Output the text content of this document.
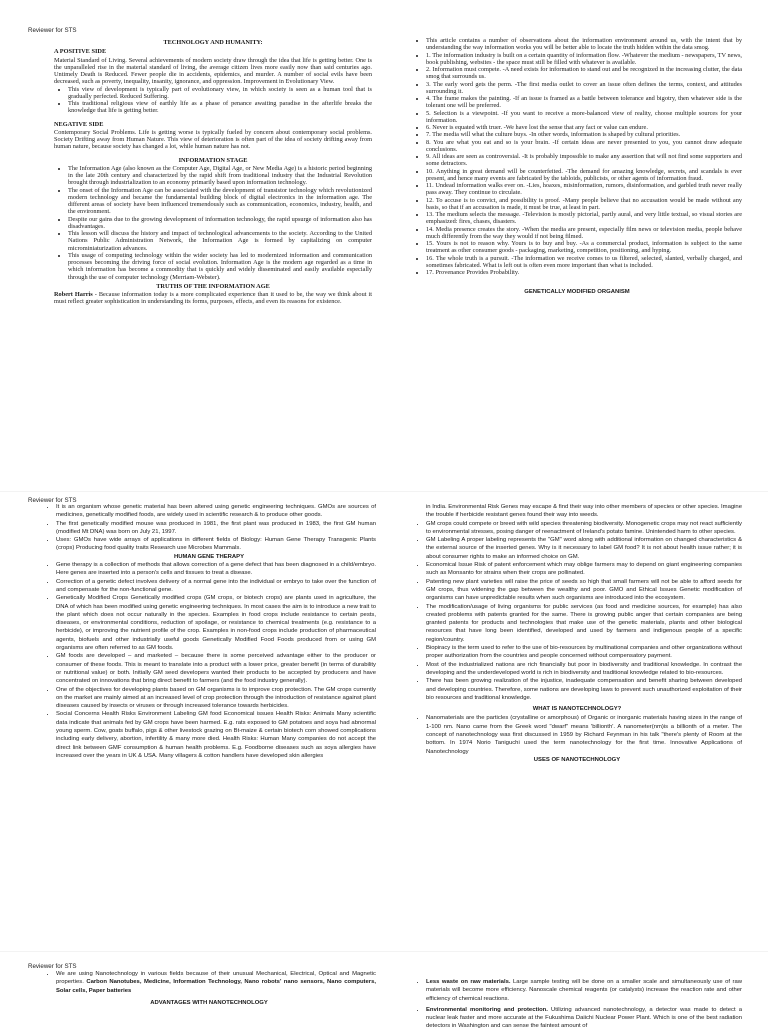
Reviewer for STS

TECHNOLOGY AND HUMANITY:

A POSITIVE SIDE

Material Standard of Living. Several achievements of modern society draw through the idea that life is getting better. One is the unparalleled rise in the material standard of living, the average citizen lives more easily now than said centuries ago. Untimely Death is Reduced. Fewer people die in accidents, epidemics, and murder. A number of social evils have been decreased, such as poverty, inequality, insanity, ignorance, and oppression. Improvement in Evolutionary View.

• This view of development is typically part of evolutionary view, in which society is seen as a human tool that is gradually perfected. Reduced Suffering.
• This traditional religious view of earthly life as a phase of penance awaiting paradise in the afterlife breaks the knowledge that life is getting better.

NEGATIVE SIDE

Contemporary Social Problems. Life is getting worse is typically fueled by concern about contemporary social problems. Society Drifting away from Human Nature. This view of deterioration is often part of the idea of society drifting away from human nature, because society has changed a lot, while human nature has not.

INFORMATION STAGE

• The Information Age (also known as the Computer Age, Digital Age, or New Media Age) is a historic period beginning in the late 20th century and characterized by the rapid shift from traditional industry that the Industrial Revolution brought through industrialization to an economy primarily based upon information technology.
• The onset of the Information Age can be associated with the development of transistor technology which revolutionized modern technology and became the fundamental building block of digital electronics in the information age. The different areas of society have been influenced tremendously such as communication, economics, industry, health, and the environment.
• Despite our gains due to the growing development of information technology, the rapid upsurge of information also has disadvantages.
• This lesson will discuss the history and impact of technological advancements to the society. According to the United Nations Public Administration Network, the Information Age is formed by capitalizing on computer microminiaturization advances.
• This usage of computing technology within the wider society has led to modernized information and communication processes becoming the driving force of social evolution. Information Age is the modern age regarded as a time in which information has become a commodity that is quickly and widely disseminated and easily available especially through the use of computer technology (Merriam-Webster).

TRUTHS OF THE INFORMATION AGE

Robert Harris - Because information today is a more complicated experience than it used to be, the way we think about it must reflect greater sophistication in understanding its forms, purposes, effects, and even its reasons for existence.

• This article contains a number of observations about the information environment around us, with the intent that by understanding the way information works you will be better able to locate the truth hidden within the data smog.
• 1. The information industry is built on a certain quantity of information flow. -Whatever the medium - newspapers, TV news, book publishing, websites - the space must still be filled with whatever is available.
• 2. Information must compete. -A need exists for information to stand out and be recognized in the increasing clutter, the data smog that surrounds us.
• 3. The early word gets the perm. -The first media outlet to cover an issue often defines the terms, context, and attitudes surrounding it.
• 4. The frame makes the painting. -If an issue is framed as a battle between tolerance and bigotry, then whatever side is the tolerant one will be preferred.
• 5. Selection is a viewpoint. -If you want to receive a more-balanced view of reality, choose multiple sources for your information.
• 6. Never is equated with truer. -We have lost the sense that any fact or value can endure.
• 7. The media will what the culture buys. -In other words, information is shaped by cultural priorities.
• 8. You are what you eat and so is your brain. -If certain ideas are never presented to you, you cannot draw adequate conclusions.
• 9. All ideas are seen as controversial. -It is probably impossible to make any assertion that will not find some supporters and some detractors.
• 10. Anything in great demand will be counterfeited. -The demand for amazing knowledge, secrets, and scandals is ever present, and hence many events are fabricated by the tabloids, publicists, or other agents of information fraud.
• 11. Undead information walks ever on. -Lies, hoaxes, misinformation, rumors, disinformation, and garbled truth never really pass away. They continue to circulate.
• 12. To accuse is to convict, and possibility is proof. -Many people believe that no accusation would be made without any basis, so that if an accusation is made, it must be true, at least in part.
• 13. The medium selects the message. -Television is mostly pictorial, partly aural, and very little textual, so visual stories are emphasized: fires, chases, disasters.
• 14. Media presence creates the story. -When the media are present, especially film news or television media, people behave much differently from the way they would if not being filmed.
• 15. Yours is not to reason why. Yours is to buy and buy. -As a commercial product, information is subject to the same treatment as other consumer goods - packaging, marketing, competition, positioning, and hyping.
• 16. The whole truth is a pursuit. -The information we receive comes to us filtered, selected, slanted, verbally charged, and sometimes fabricated. What is left out is often even more important than what is included.
• 17. Provenance Provides Probability.

GENETICALLY MODIFIED ORGANISM

Reviewer for STS
• It is an organism whose genetic material has been altered using genetic engineering techniques. GMOs are sources of medicines, genetically modified foods, are widely used in scientific research & to produce other goods.
• The first genetically modified mouse was produced in 1981, the first plant was produced in 1983, the first GM human (modified Mt DNA) was born on July 21, 1997.
• Uses: GMOs have wide arrays of applications in different fields of Biology: Human Gene Therapy Transgenic Plants (crops) Producing food quality traits Research use Microbes Mammals.

HUMAN GENE THERAPY

• Gene therapy is a collection of methods that allows correction of a gene defect that has been diagnosed in a child/embryo. Here genes are inserted into a person's cells and tissues to treat a disease.
• Correction of a genetic defect involves delivery of a normal gene into the individual or embryo to take over the function of and compensate for the non-functional gene.
• Genetically Modified Crops Genetically modified crops (GM crops, or biotech crops) are plants used in agriculture, the DNA of which has been modified using genetic engineering techniques. In most cases the aim is to introduce a new trait to the plant which does not occur naturally in the species. Examples in food crops include resistance to certain pests, diseases, or environmental conditions, reduction of spoilage, or resistance to chemical treatments (e.g. resistance to a herbicide), or improving the nutrient profile of the crop. Examples in non-food crops include production of pharmaceutical agents, biofuels and other industrially useful goods Genetically Modified Food Foods produced from or using GM organisms are often referred to as GM foods.
• GM foods are developed – and marketed – because there is some perceived advantage either to the producer or consumer of these foods. This is meant to translate into a product with a lower price, greater benefit (in terms of durability or nutritional value) or both. Initially GM seed developers wanted their products to be accepted by producers and have concentrated on innovations that bring direct benefit to farmers (and the food industry generally).
• One of the objectives for developing plants based on GM organisms is to improve crop protection. The GM crops currently on the market are mainly aimed at an increased level of crop protection through the introduction of resistance against plant diseases caused by insects or viruses or through increased tolerance towards herbicides.
• Social Concerns Health Risks Environment Labeling GM food Economical issues Health Risks: Animals Many scientific data indicate that animals fed by GM crops have been harmed. E.g. rats exposed to GM potatoes and soya had abnormal young sperm. Cow, goats buffalo, pigs & other livestock grazing on Bt-maize & certain biotech corn showed complications including early delivery, abortion, infertility & many more died. Health Risks: Human Many companies do not accept the direct link between GMF consumption & human health problems. E.g. Foodborne diseases such as soya allergies have increased over the years in UK & USA. Many villagers & cotton handlers have developed skin allergies

in India. Environmental Risk Genes may escape & find their way into other members of species or other species. Imagine the trouble if herbicide resistant genes found their way into weeds.

• GM crops could compete or breed with wild species threatening biodiversity. Monogenetic crops may not react sufficiently to environmental stresses, posing danger of reenactment of Ireland's potato famine. Unintended harm to other species.
• GM Labeling A proper labeling represents the "GM" word along with additional information on changed characteristics & the external source of the inserted genes. Why is it necessary to label GM food? It is not about health issue rather; it is about consumer rights to make an informed choice on GM.
• Economical Issue Risk of patent enforcement which may oblige farmers may to depend on giant engineering companies such as Monsanto for strains when their crops are pollinated.
• Patenting new plant varieties will raise the price of seeds so high that small farmers will not be able to afford seeds for GM crops, thus widening the gap between the wealthy and poor. GMO and Ethical Issues Genetic modification of organisms can have unpredictable results when such organisms are introduced into the ecosystem.
• The modification/usage of living organisms for public services (as food and medicine sources, for example) has also created problems with patents granted for the same. There is growing public anger that certain companies are being granted patents for products and technologies that make use of the genetic materials, plants and other biological resources that have long been identified, developed and used by farmers and indigenous people of a specific region/country.
• Biopiracy is the term used to refer to the use of bio-resources by multinational companies and other organizations without proper authorization from the countries and people concerned without compensatory payment.
• Most of the industrialized nations are rich financially but poor in biodiversity and traditional knowledge. In contrast the developing and the underdeveloped world is rich in biodiversity and traditional knowledge related to bio-resources.
• There has been growing realization of the injustice, inadequate compensation and benefit sharing between developed and developing countries. Therefore, some nations are developing laws to prevent such unauthorized exploitation of their bio resources and traditional knowledge.

WHAT IS NANOTECHNOLOGY?

• Nanomaterials are the particles (crystalline or amorphous) of Organic or inorganic materials having sizes in the range of 1-100 nm. Nano came from the Greek word "dwarf" means 'billionth'. A nanometer(nm)is a billionth of a meter. The concept of nanotechnology was first discussed in 1959 by Richard Feynman in his talk "there's plenty of Room at the bottom. In 1974 Norio Taniguchi used the term nanotechnology for the first time. Innovative Applications of Nanotechnology

USES OF NANOTECHNOLOGY

Reviewer for STS
• We are using Nanotechnology in various fields because of their unusual Mechanical, Electrical, Optical and Magnetic properties. Carbon Nanotubes, Medicine, Information Technology, Nano robots' nano sensors, Nano computers, Solar cells, Paper batteries

ADVANTAGES WITH NANOTECHNOLOGY

• Less waste on raw materials. Large sample testing will be done on a smaller scale and simultaneously use of raw materials will become more efficiency. Nanoscale chemical reagents (or catalysts) increase the reaction rate and other efficiency of chemical reactions.
• Environmental monitoring and protection. Utilizing advanced nanotechnology, a detector was made to detect a nuclear leak faster and more accurate at the Fukushima Daiichi Nuclear Power Plant. Which is one of the best radiation detectors in Washington and can sense the faintest amount of
